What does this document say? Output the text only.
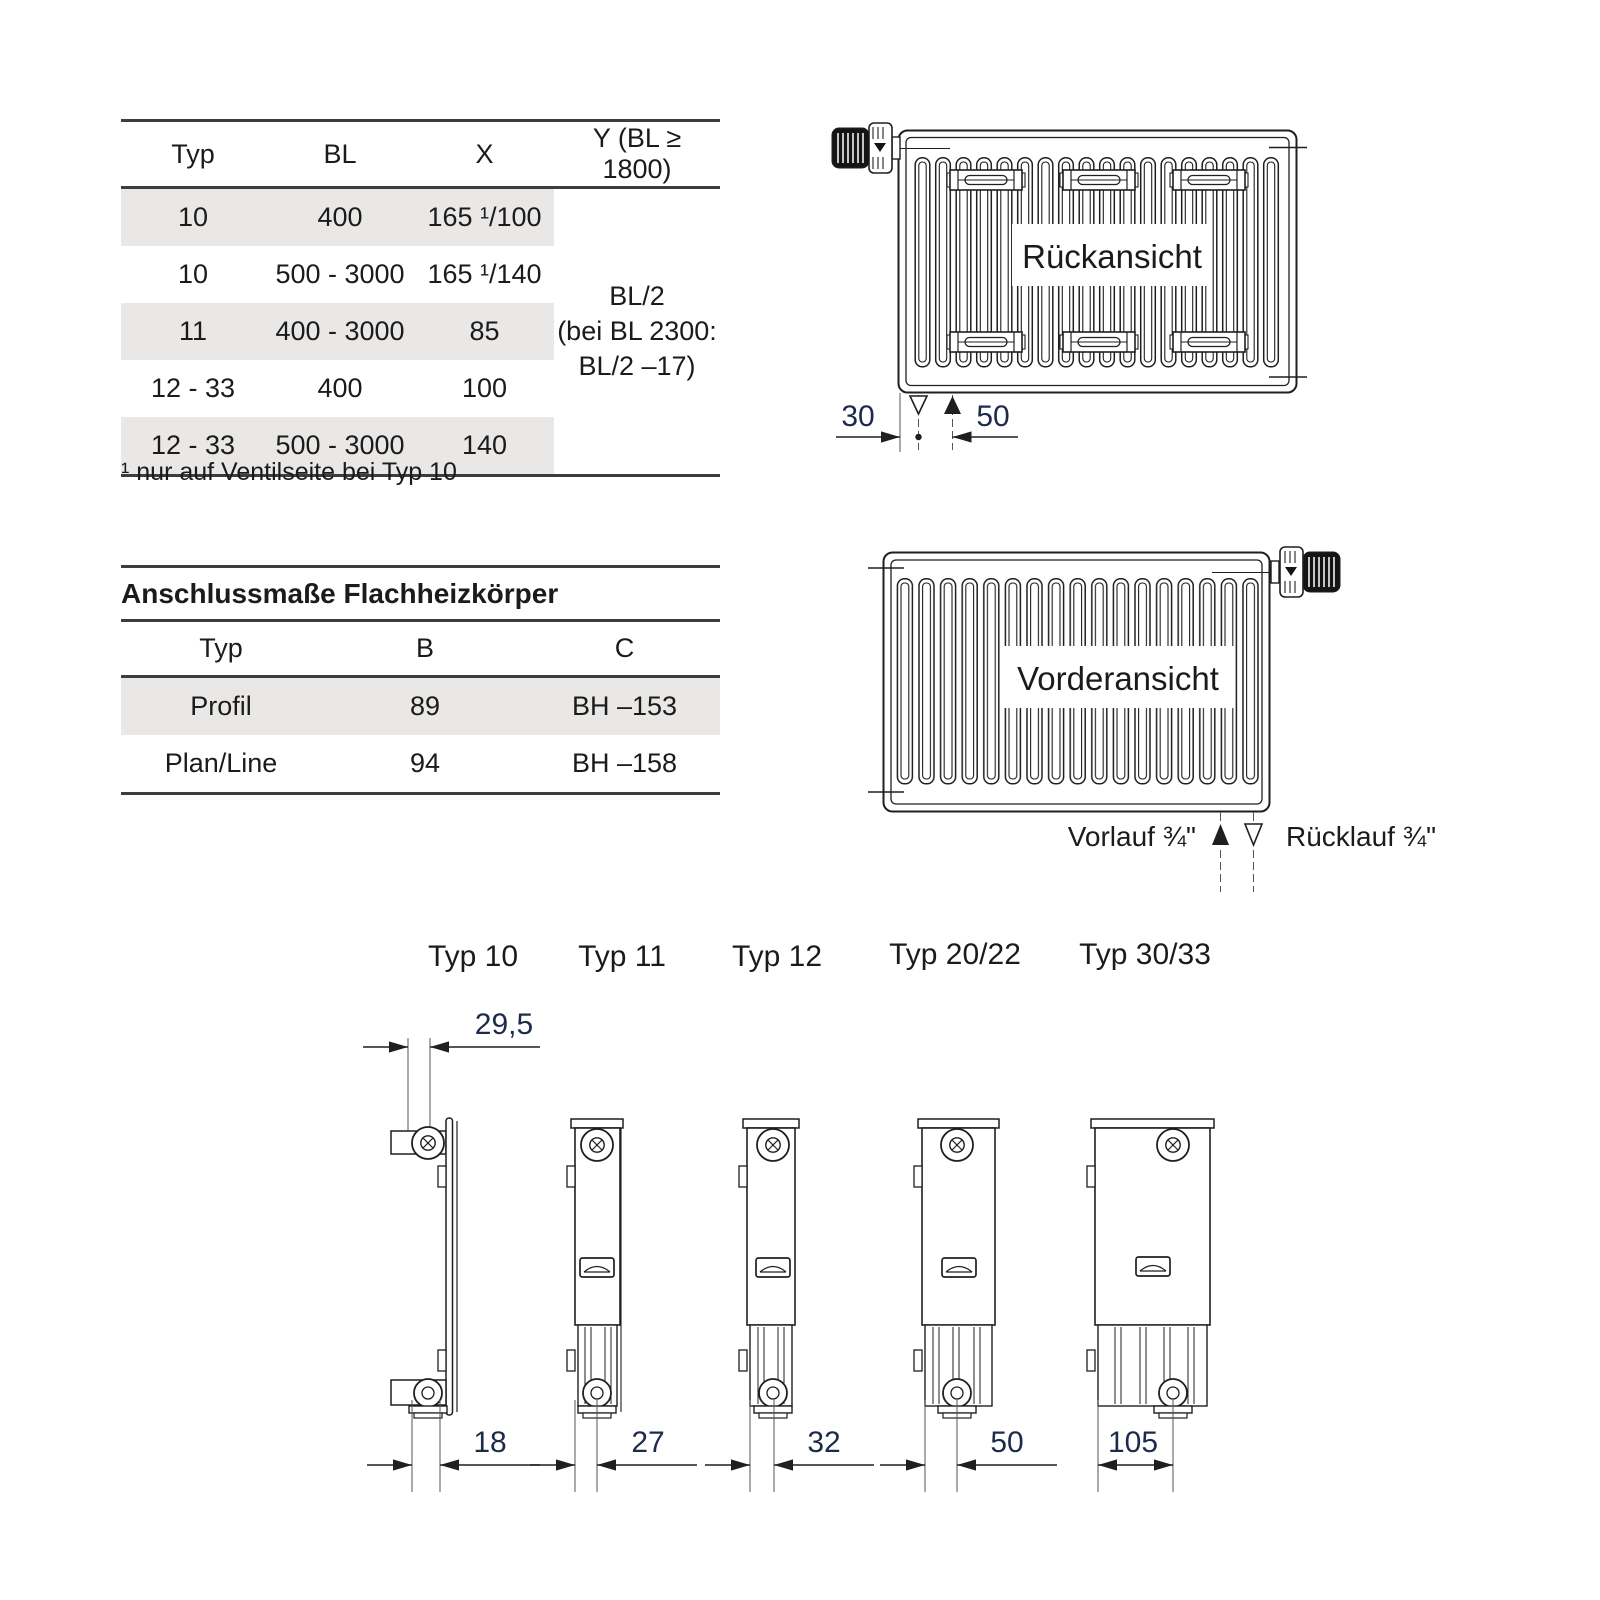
Rückansicht
30	50
Vorderansicht
Vorlauf ¾"	Rücklauf ¾"
Typ 10 Typ 11 Typ 12 Typ 20/22 Typ 30/33
29,5
18	27	32	50	105
Typ	BL	X	Y (BL ≥ 1800)
10	400	165 ¹/100	BL/2
(bei BL 2300:
BL/2 –17)

10	500 - 3000	165 ¹/140	
11	400 - 3000	85	
12 - 33	400	100	
12 - 33	500 - 3000	140	
¹ nur auf Ventilseite bei Typ 10
Anschlussmaße Flachheizkörper
Typ	B	C
Profil	89	BH –153
Plan/Line	94	BH –158
